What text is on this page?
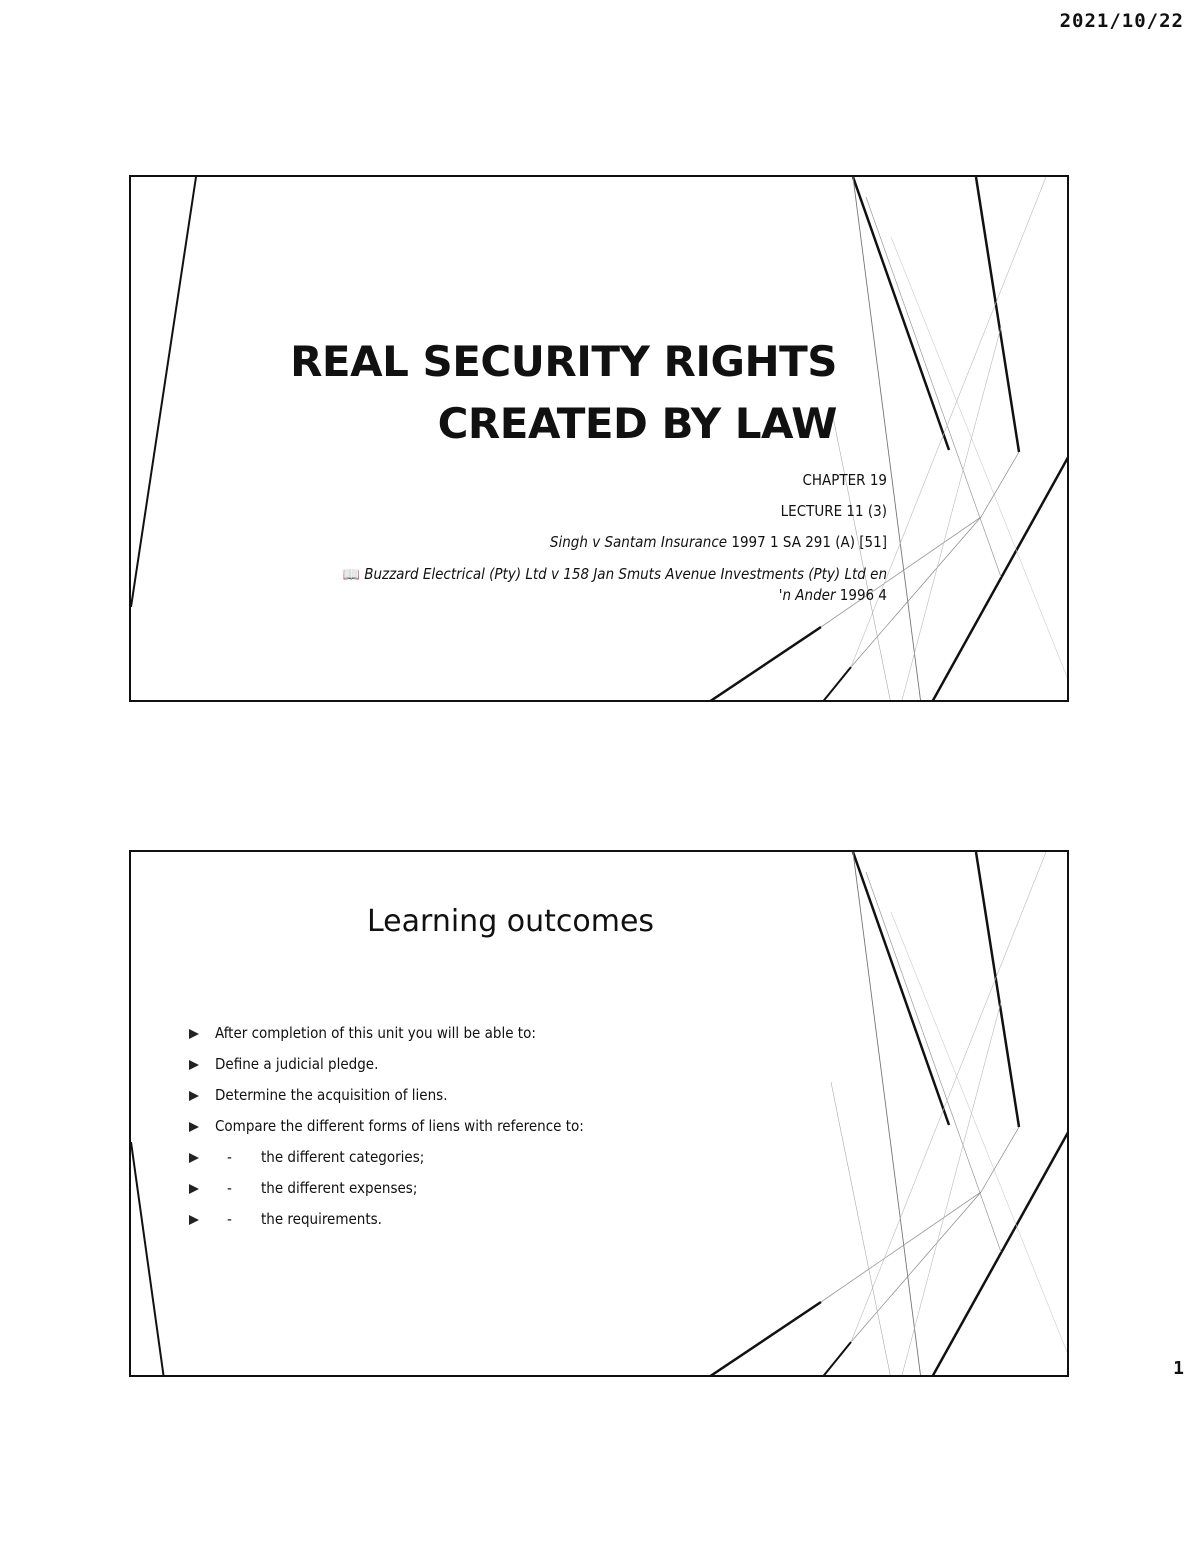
2021/10/22
REAL SECURITY RIGHTS
CREATED BY LAW
CHAPTER 19
LECTURE 11 (3)
Singh v Santam Insurance 1997 1 SA 291 (A) [51]
📖 Buzzard Electrical (Pty) Ltd v 158 Jan Smuts Avenue Investments (Pty) Ltd en
'n Ander 1996 4
Learning outcomes
After completion of this unit you will be able to:
Define a judicial pledge.
Determine the acquisition of liens.
Compare the different forms of liens with reference to:
-	the different categories;
-	the different expenses;
-	the requirements.
1
